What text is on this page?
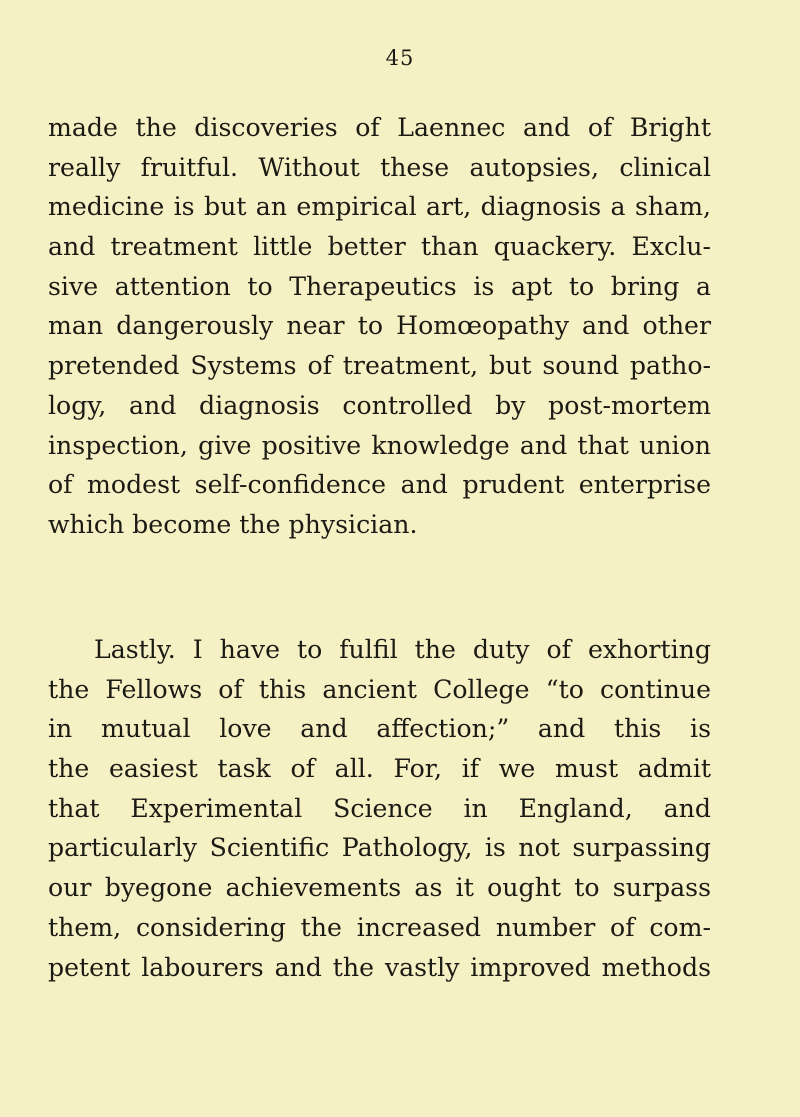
45
made the discoveries of Laennec and of Bright
really fruitful. Without these autopsies, clinical
medicine is but an empirical art, diagnosis a sham,
and treatment little better than quackery. Exclu-
sive attention to Therapeutics is apt to bring a
man dangerously near to Homœopathy and other
pretended Systems of treatment, but sound patho-
logy, and diagnosis controlled by post-mortem
inspection, give positive knowledge and that union
of modest self-confidence and prudent enterprise
which become the physician.
Lastly. I have to fulfil the duty of exhorting
the Fellows of this ancient College “to continue
in mutual love and affection;” and this is
the easiest task of all. For, if we must admit
that Experimental Science in England, and
particularly Scientific Pathology, is not surpassing
our byegone achievements as it ought to surpass
them, considering the increased number of com-
petent labourers and the vastly improved methods
